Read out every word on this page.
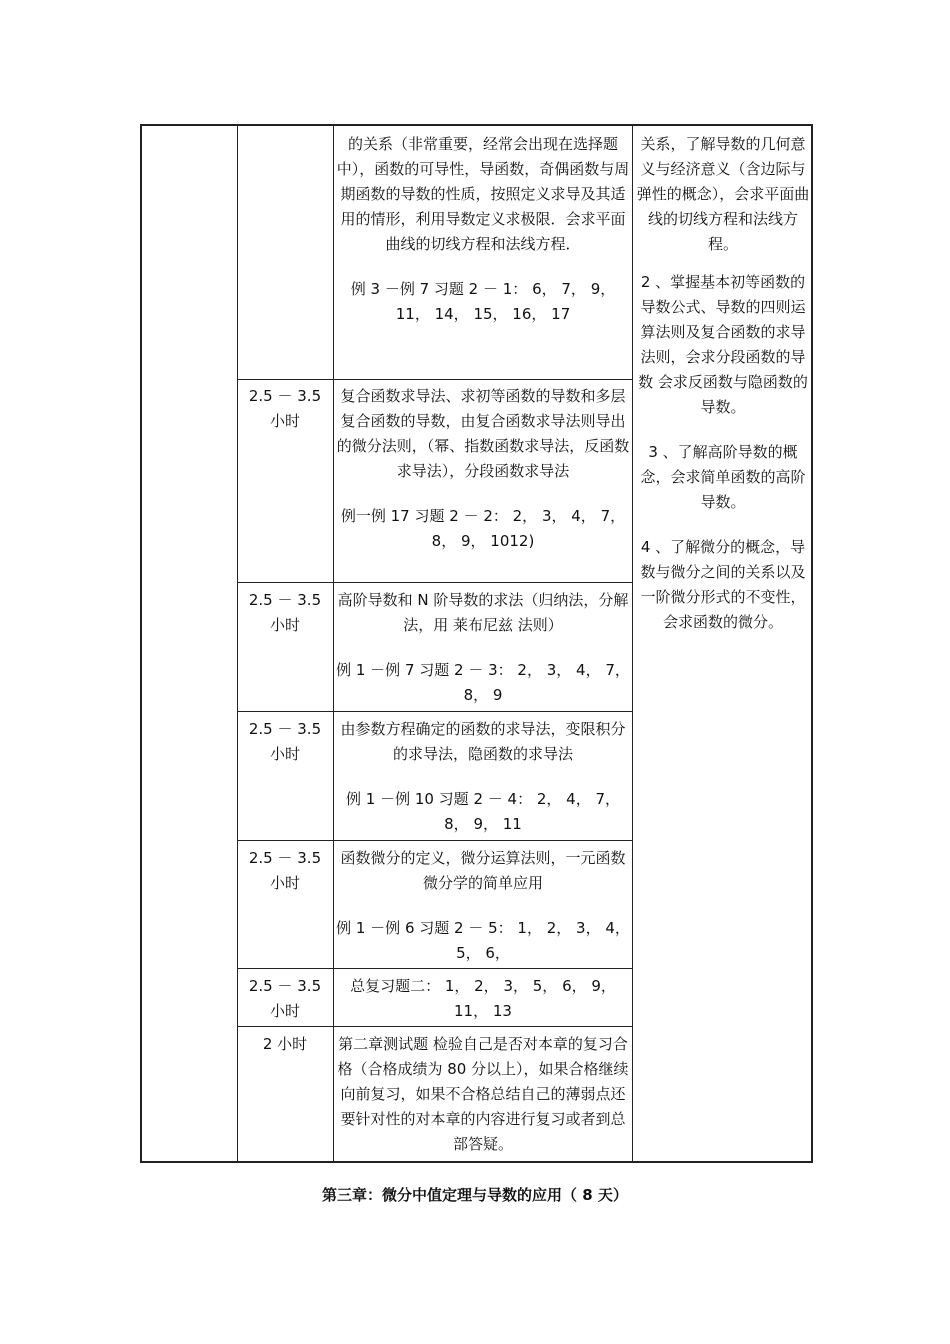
的关系（非常重要，经常会出现在选择题中），函数的可导性，导函数，奇偶函数与周期函数的导数的性质，按照定义求导及其适用的情形，利用导数定义求极限．会求平面曲线的切线方程和法线方程．
例 3 －例 7 习题 2 － 1： 6， 7， 9， 11， 14， 15， 16， 17
2.5 － 3.5 小时
复合函数求导法、求初等函数的导数和多层复合函数的导数，由复合函数求导法则导出的微分法则，（幂、指数函数求导法，反函数求导法），分段函数求导法
例一例 17 习题 2 － 2： 2， 3， 4， 7， 8， 9， 1012)
2.5 － 3.5 小时
高阶导数和 N 阶导数的求法（归纳法，分解法，用 莱布尼兹 法则）
例 1 －例 7 习题 2 － 3： 2， 3， 4， 7， 8， 9
2.5 － 3.5 小时
由参数方程确定的函数的求导法，变限积分的求导法，隐函数的求导法
例 1 －例 10 习题 2 － 4： 2， 4， 7， 8， 9， 11
2.5 － 3.5 小时
函数微分的定义，微分运算法则，一元函数微分学的简单应用
例 1 －例 6 习题 2 － 5： 1， 2， 3， 4， 5， 6，
2.5 － 3.5 小时
总复习题二： 1， 2， 3， 5， 6， 9， 11， 13
2 小时	第二章测试题 检验自己是否对本章的复习合格（合格成绩为 80 分以上），如果合格继续向前复习，如果不合格总结自己的薄弱点还要针对性的对本章的内容进行复习或者到总部答疑。
关系，了解导数的几何意义与经济意义（含边际与弹性的概念），会求平面曲线的切线方程和法线方程。
2 、掌握基本初等函数的导数公式、导数的四则运算法则及复合函数的求导法则，会求分段函数的导数 会求反函数与隐函数的导数。
3 、了解高阶导数的概念，会求简单函数的高阶导数。
4 、了解微分的概念，导数与微分之间的关系以及一阶微分形式的不变性，会求函数的微分。
第三章：微分中值定理与导数的应用（ 8 天）
